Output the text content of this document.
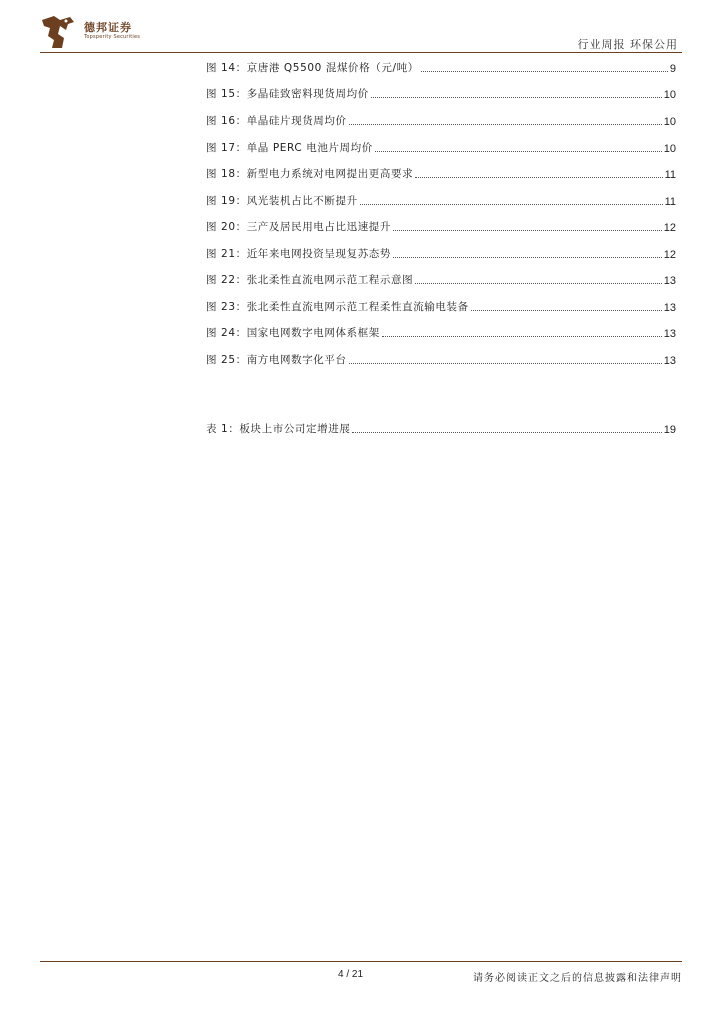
德邦证券
Topsperity Securities
行业周报 环保公用
图 14：京唐港 Q5500 混煤价格（元/吨）	9
图 15：多晶硅致密料现货周均价	10
图 16：单晶硅片现货周均价	10
图 17：单晶 PERC 电池片周均价	10
图 18：新型电力系统对电网提出更高要求	11
图 19：风光装机占比不断提升	11
图 20：三产及居民用电占比迅速提升	12
图 21：近年来电网投资呈现复苏态势	12
图 22：张北柔性直流电网示范工程示意图	13
图 23：张北柔性直流电网示范工程柔性直流输电装备	13
图 24：国家电网数字电网体系框架	13
图 25：南方电网数字化平台	13
表 1：板块上市公司定增进展	19
4 / 21	请务必阅读正文之后的信息披露和法律声明
